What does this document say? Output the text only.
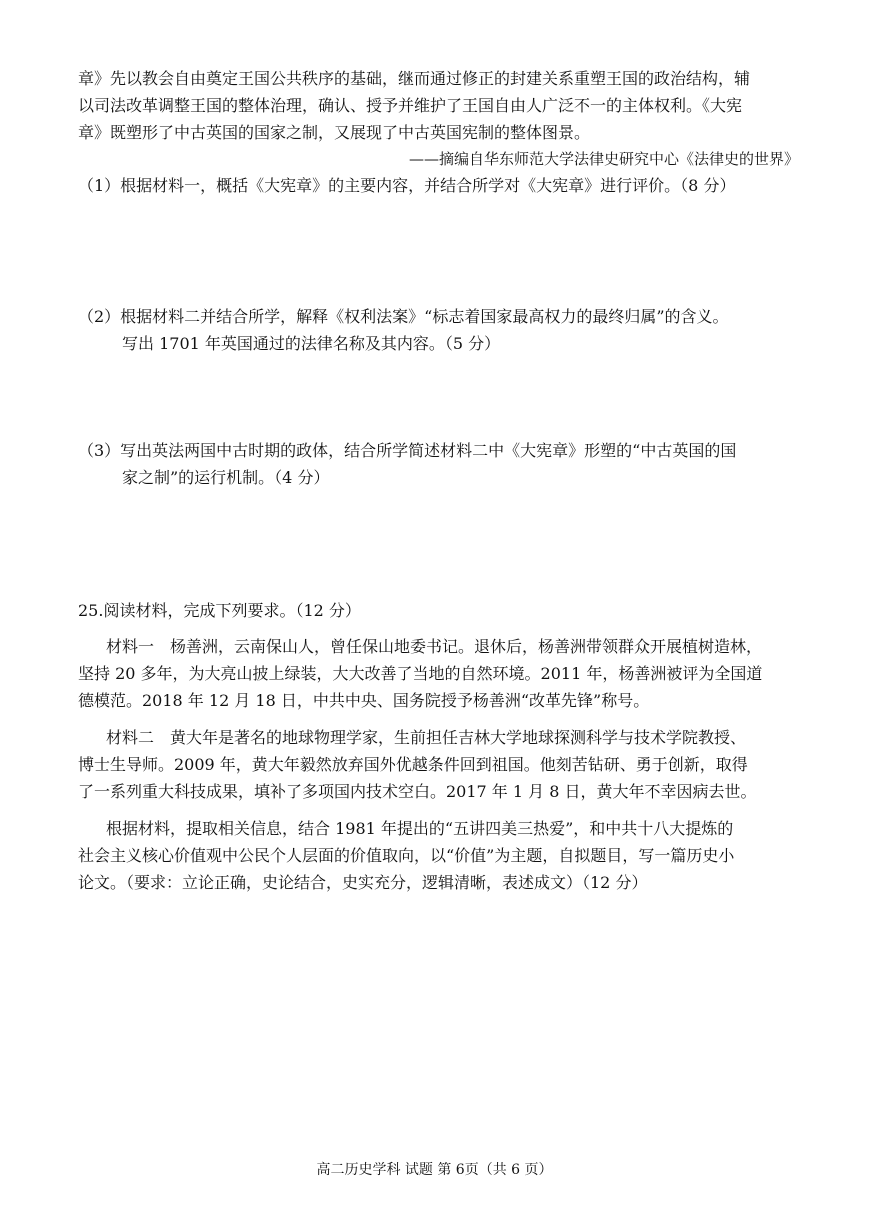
章》先以教会自由奠定王国公共秩序的基础，继而通过修正的封建关系重塑王国的政治结构，辅
以司法改革调整王国的整体治理，确认、授予并维护了王国自由人广泛不一的主体权利。《大宪
章》既塑形了中古英国的国家之制，又展现了中古英国宪制的整体图景。
——摘编自华东师范大学法律史研究中心《法律史的世界》
（1）根据材料一，概括《大宪章》的主要内容，并结合所学对《大宪章》进行评价。（8 分）
（2）根据材料二并结合所学，解释《权利法案》“标志着国家最高权力的最终归属”的含义。
写出 1701 年英国通过的法律名称及其内容。（5 分）
（3）写出英法两国中古时期的政体，结合所学简述材料二中《大宪章》形塑的“中古英国的国
家之制”的运行机制。（4 分）
25.阅读材料，完成下列要求。（12 分）
材料一　杨善洲，云南保山人，曾任保山地委书记。退休后，杨善洲带领群众开展植树造林，
坚持 20 多年，为大亮山披上绿装，大大改善了当地的自然环境。2011 年，杨善洲被评为全国道
德模范。2018 年 12 月 18 日，中共中央、国务院授予杨善洲“改革先锋”称号。
材料二　黄大年是著名的地球物理学家，生前担任吉林大学地球探测科学与技术学院教授、
博士生导师。2009 年，黄大年毅然放弃国外优越条件回到祖国。他刻苦钻研、勇于创新，取得
了一系列重大科技成果，填补了多项国内技术空白。2017 年 1 月 8 日，黄大年不幸因病去世。
根据材料，提取相关信息，结合 1981 年提出的“五讲四美三热爱”，和中共十八大提炼的
社会主义核心价值观中公民个人层面的价值取向，以“价值”为主题，自拟题目，写一篇历史小
论文。（要求：立论正确，史论结合，史实充分，逻辑清晰，表述成文）（12 分）
高二历史学科 试题 第 6页（共 6 页）
